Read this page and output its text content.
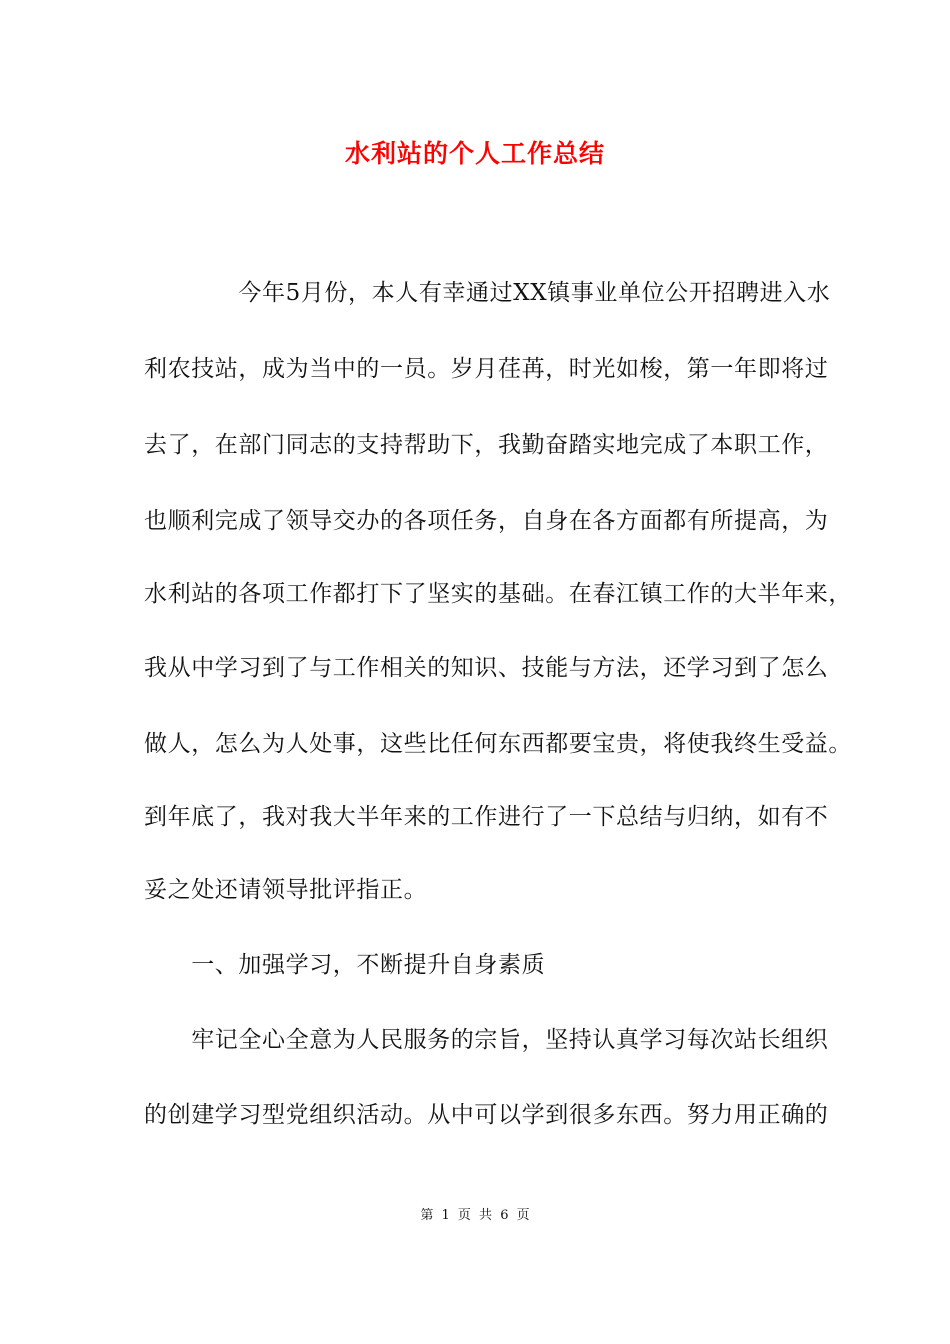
水利站的个人工作总结
　　　　今年5月份，本人有幸通过XX镇事业单位公开招聘进入水
利农技站，成为当中的一员。岁月荏苒，时光如梭，第一年即将过
去了，在部门同志的支持帮助下，我勤奋踏实地完成了本职工作，
也顺利完成了领导交办的各项任务，自身在各方面都有所提高，为
水利站的各项工作都打下了坚实的基础。在春江镇工作的大半年来，
我从中学习到了与工作相关的知识、技能与方法，还学习到了怎么
做人，怎么为人处事，这些比任何东西都要宝贵，将使我终生受益。
到年底了，我对我大半年来的工作进行了一下总结与归纳，如有不
妥之处还请领导批评指正。
　　一、加强学习，不断提升自身素质
　　牢记全心全意为人民服务的宗旨，坚持认真学习每次站长组织
的创建学习型党组织活动。从中可以学到很多东西。努力用正确的
第 1 页 共 6 页
